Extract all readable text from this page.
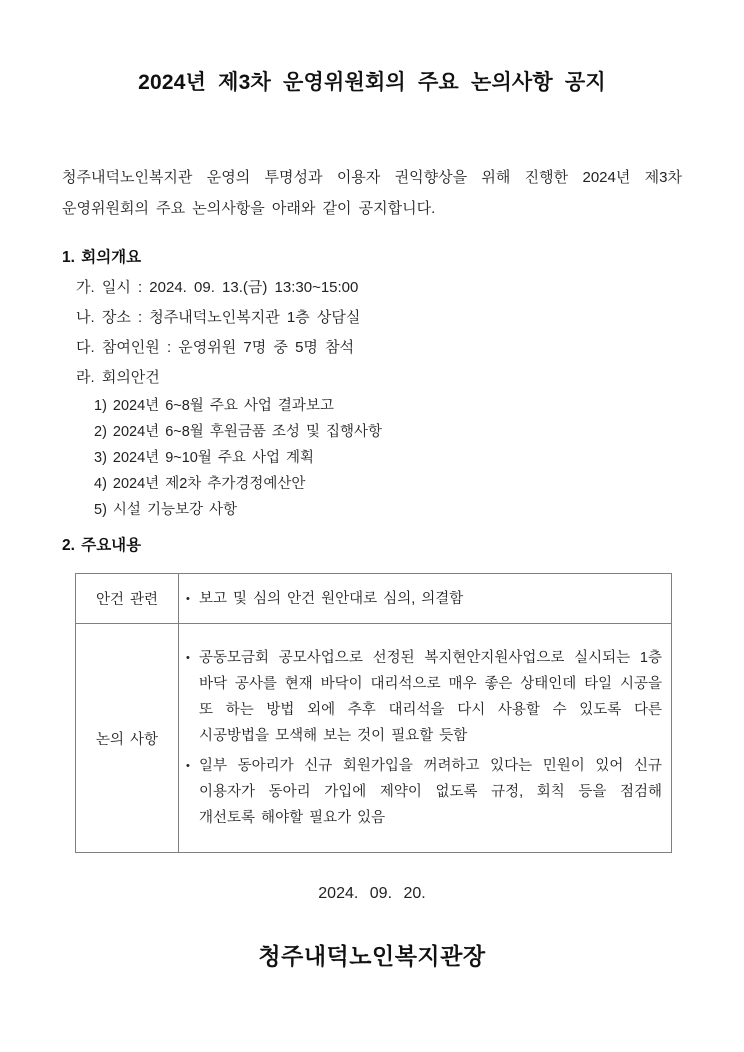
2024년 제3차 운영위원회의 주요 논의사항 공지

청주내덕노인복지관 운영의 투명성과 이용자 권익향상을 위해 진행한 2024년 제3차 운영위원회의 주요 논의사항을 아래와 같이 공지합니다.

1. 회의개요
가. 일시 : 2024. 09. 13.(금) 13:30~15:00
나. 장소 : 청주내덕노인복지관 1층 상담실
다. 참여인원 : 운영위원 7명 중 5명 참석
라. 회의안건
1) 2024년 6~8월 주요 사업 결과보고
2) 2024년 6~8월 후원금품 조성 및 집행사항
3) 2024년 9~10월 주요 사업 계획
4) 2024년 제2차 추가경정예산안
5) 시설 기능보강 사항
2. 주요내용
안건 관련	• 보고 및 심의 안건 원안대로 심의, 의결함

논의 사항	• 공동모금회 공모사업으로 선정된 복지현안지원사업으로 실시되는 1층 바닥 공사를 현재 바닥이 대리석으로 매우 좋은 상태인데 타일 시공을 또 하는 방법 외에 추후 대리석을 다시 사용할 수 있도록 다른 시공방법을 모색해 보는 것이 필요할 듯함
• 일부 동아리가 신규 회원가입을 꺼려하고 있다는 민원이 있어 신규 이용자가 동아리 가입에 제약이 없도록 규정, 회칙 등을 점검해 개선토록 해야할 필요가 있음
2024. 09. 20.
청주내덕노인복지관장
